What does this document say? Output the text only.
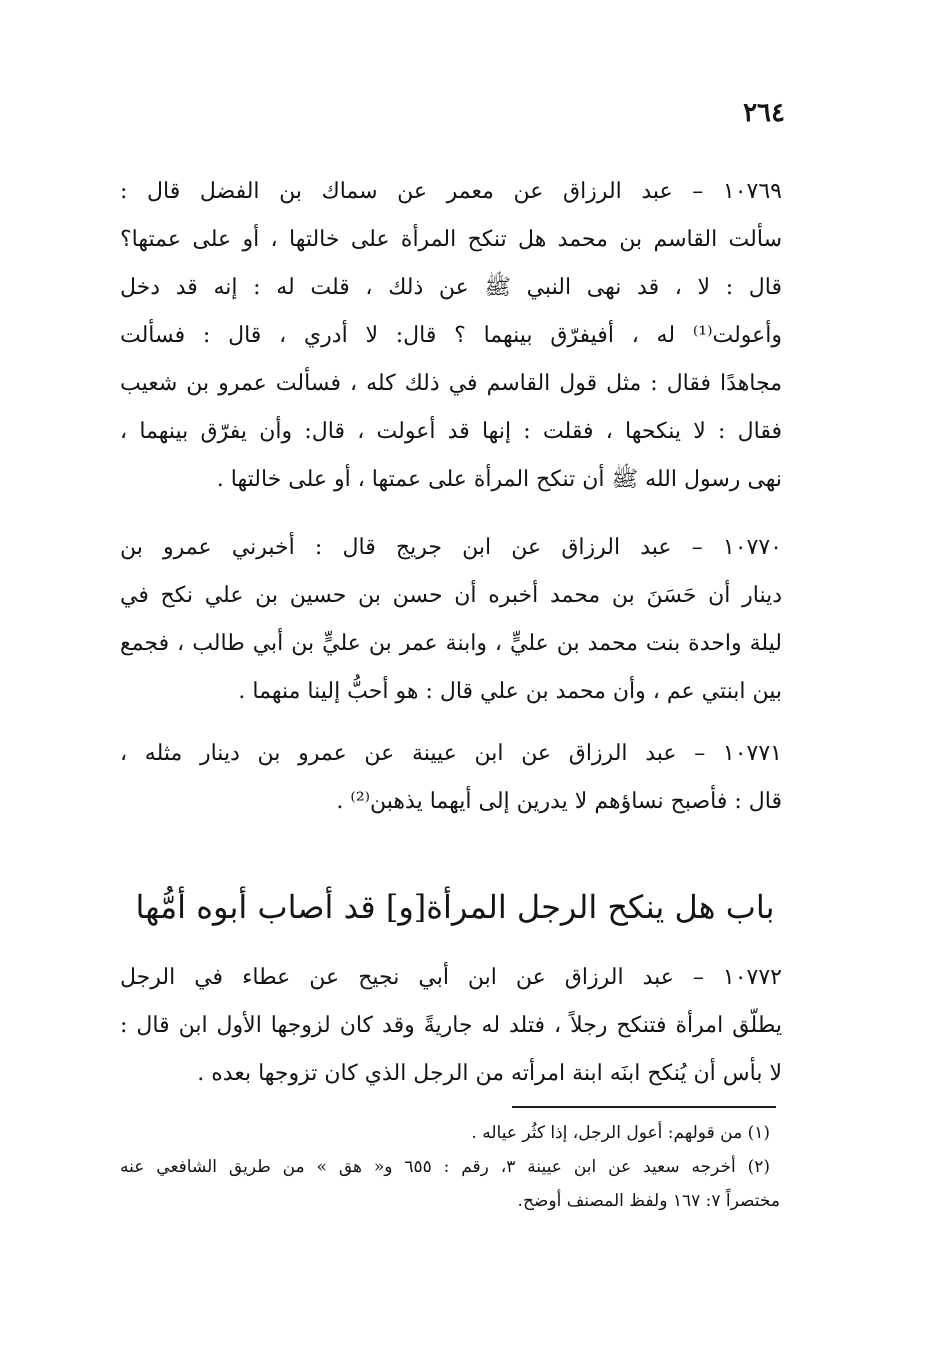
٢٦٤
١٠٧٦٩ – عبد الرزاق عن معمر عن سماك بن الفضل قال :
سألت القاسم بن محمد هل تنكح المرأة على خالتها ، أو على عمتها؟
قال : لا ، قد نهى النبي ﷺ عن ذلك ، قلت له : إنه قد دخل
وأعولت⁽¹⁾ له ، أفيفرّق بينهما ؟ قال: لا أدري ، قال : فسألت
مجاهدًا فقال : مثل قول القاسم في ذلك كله ، فسألت عمرو بن شعيب
فقال : لا ينكحها ، فقلت : إنها قد أعولت ، قال: وأن يفرّق بينهما ،
نهى رسول الله ﷺ أن تنكح المرأة على عمتها ، أو على خالتها .
١٠٧٧٠ – عبد الرزاق عن ابن جريج قال : أخبرني عمرو بن
دينار أن حَسَنَ بن محمد أخبره أن حسن بن حسين بن علي نكح في
ليلة واحدة بنت محمد بن عليٍّ ، وابنة عمر بن عليٍّ بن أبي طالب ، فجمع
بين ابنتي عم ، وأن محمد بن علي قال : هو أحبُّ إلينا منهما .
١٠٧٧١ – عبد الرزاق عن ابن عيينة عن عمرو بن دينار مثله ،
قال : فأصبح نساؤهم لا يدرين إلى أيهما يذهبن⁽²⁾ .
باب هل ينكح الرجل المرأة[و] قد أصاب أبوه أمُّها
١٠٧٧٢ – عبد الرزاق عن ابن أبي نجيح عن عطاء في الرجل
يطلّق امرأة فتنكح رجلاً ، فتلد له جاريةً وقد كان لزوجها الأول ابن قال :
لا بأس أن يُنكح ابنَه ابنة امرأته من الرجل الذي كان تزوجها بعده .
(١) من قولهم: أعول الرجل، إذا كثُر عياله .
(٢) أخرجه سعيد عن ابن عيينة ٣، رقم : ٦٥٥ و« هق » من طريق الشافعي عنه
مختصراً ٧: ١٦٧ ولفظ المصنف أوضح.
